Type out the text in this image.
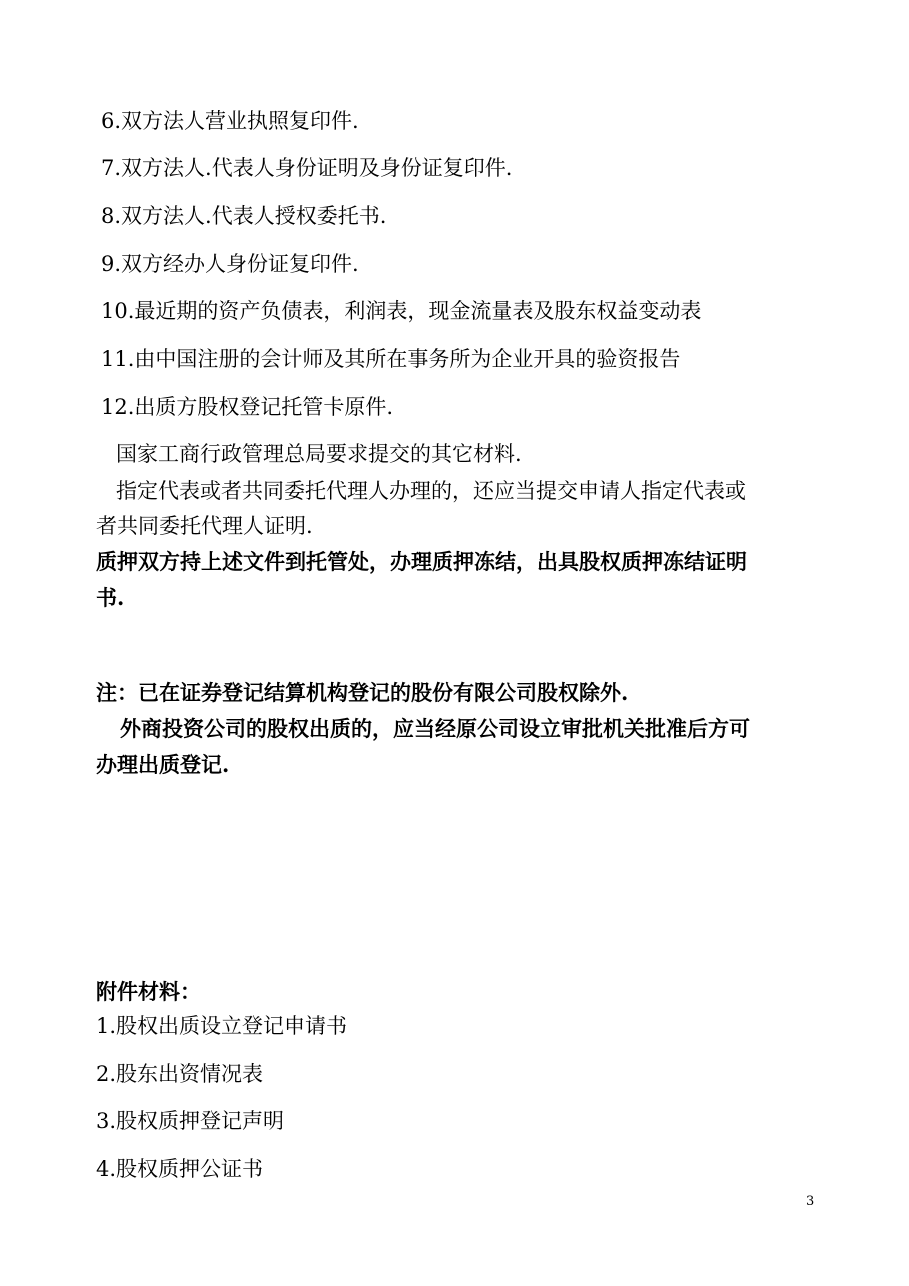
6.双方法人营业执照复印件.
7.双方法人.代表人身份证明及身份证复印件.
8.双方法人.代表人授权委托书.
9.双方经办人身份证复印件.
10.最近期的资产负债表，利润表，现金流量表及股东权益变动表
11.由中国注册的会计师及其所在事务所为企业开具的验资报告
12.出质方股权登记托管卡原件.
国家工商行政管理总局要求提交的其它材料.
指定代表或者共同委托代理人办理的，还应当提交申请人指定代表或
者共同委托代理人证明.
质押双方持上述文件到托管处，办理质押冻结，出具股权质押冻结证明
书.
注：已在证券登记结算机构登记的股份有限公司股权除外.
外商投资公司的股权出质的，应当经原公司设立审批机关批准后方可
办理出质登记.
附件材料：
1.股权出质设立登记申请书
2.股东出资情况表
3.股权质押登记声明
4.股权质押公证书
3
